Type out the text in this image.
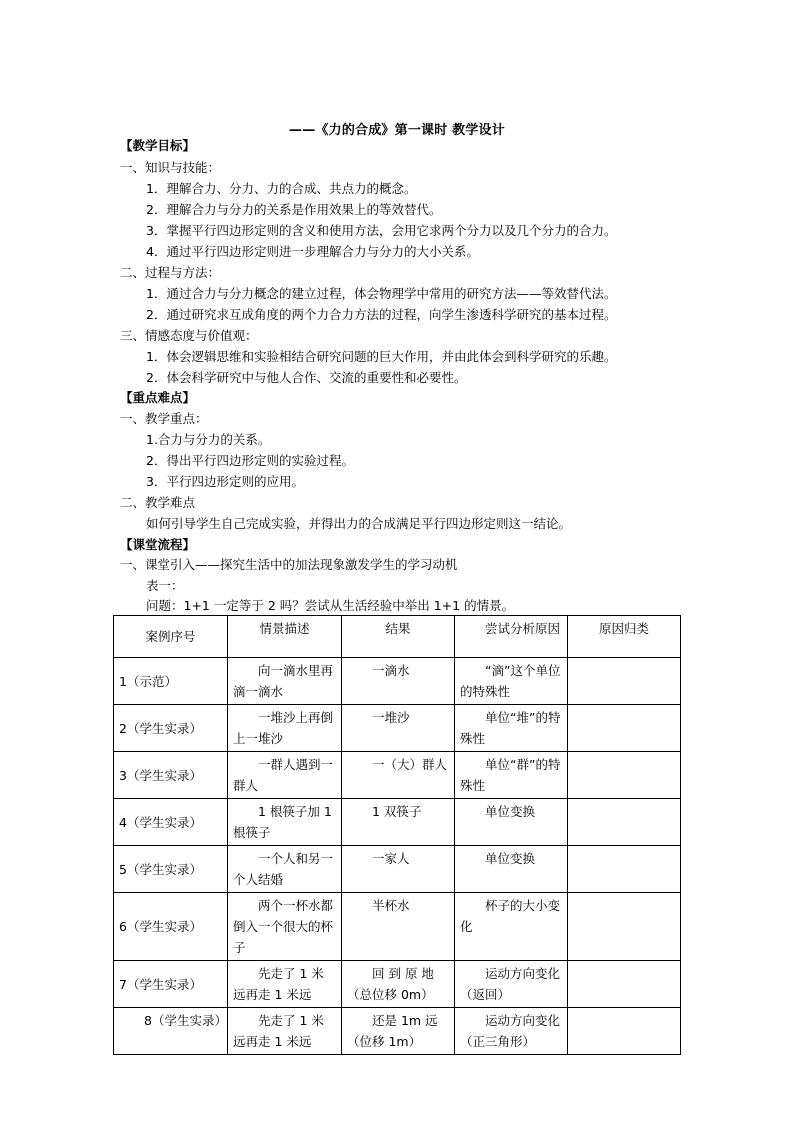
——《力的合成》第一课时 教学设计
【教学目标】
一、知识与技能：
1．理解合力、分力、力的合成、共点力的概念。
2．理解合力与分力的关系是作用效果上的等效替代。
3．掌握平行四边形定则的含义和使用方法，会用它求两个分力以及几个分力的合力。
4．通过平行四边形定则进一步理解合力与分力的大小关系。
二、过程与方法：
1．通过合力与分力概念的建立过程，体会物理学中常用的研究方法——等效替代法。
2．通过研究求互成角度的两个力合力方法的过程，向学生渗透科学研究的基本过程。
三、情感态度与价值观：
1．体会逻辑思维和实验相结合研究问题的巨大作用，并由此体会到科学研究的乐趣。
2．体会科学研究中与他人合作、交流的重要性和必要性。
【重点难点】
一、教学重点：
1.合力与分力的关系。
2．得出平行四边形定则的实验过程。
3．平行四边形定则的应用。
二、教学难点
如何引导学生自己完成实验，并得出力的合成满足平行四边形定则这一结论。
【课堂流程】
一、课堂引入——探究生活中的加法现象激发学生的学习动机
表一：
问题：1+1 一定等于 2 吗？尝试从生活经验中举出 1+1 的情景。
案例序号	情景描述	结果	尝试分析原因	原因归类
1（示范）	向一滴水里再滴一滴水	一滴水	“滴”这个单位的特殊性	
2（学生实录）	一堆沙上再倒上一堆沙	一堆沙	单位“堆”的特殊性	
3（学生实录）	一群人遇到一群人	一（大）群人	单位“群”的特殊性	
4（学生实录）	1 根筷子加 1 根筷子	1 双筷子	单位变换	
5（学生实录）	一个人和另一个人结婚	一家人	单位变换	
6（学生实录）	两个一杯水都倒入一个很大的杯子	半杯水	杯子的大小变化	
7（学生实录）	先走了 1 米远再走 1 米远	回 到 原 地（总位移 0m）	运动方向变化（返回）	
8（学生实录）	先走了 1 米远再走 1 米远	还是 1m 远（位移 1m）	运动方向变化（正三角形）	
